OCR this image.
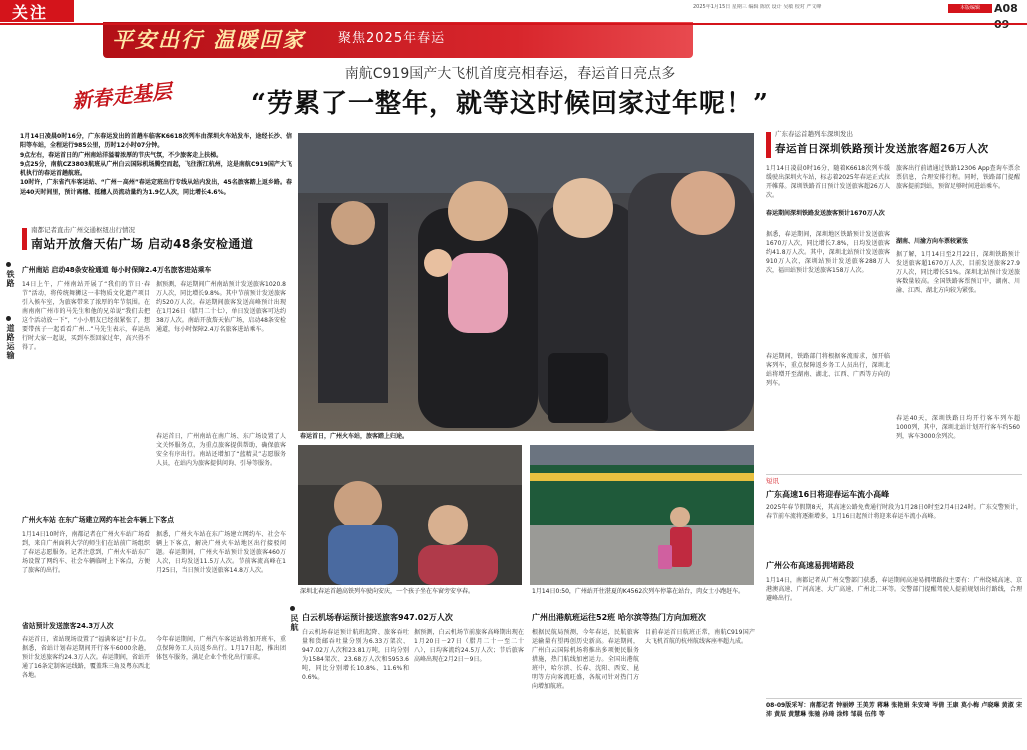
关注
平安出行 温暖回家	聚焦2025年春运
2025年1月15日 星期三 编辑 陈欣 设计 吴敏 校对 严文峰	本版编辑	A08
新春走基层
南航C919国产大飞机首度亮相春运，春运首日亮点多
“劳累了一整年，就等这时候回家过年呢！”
1月14日凌晨0时16分，广东春运发出的首趟车临客K6618次列车由深圳火车站发车，途经长沙、信阳等车站，全程运行985公里，历时12小时07分钟。
9点左右，春运首日的广州南站洋溢着浓厚的节庆气氛，不少旅客走上扶梯。
9点25分，南航CZ3803航班从广州白云国际机场腾空而起，飞往浙江杭州，这是南航C919国产大飞机执行的春运首趟航班。
10时许，广东省汽车客运站、“广州－高州”春运定班出行专线从站内发出，45名旅客踏上返乡路。春运40天时间里，预计离穗、抵穗人员流动量约为1.9亿人次，同比增长4.6%。
南都记者直击广州交通枢纽出行情况
南站开放詹天佑广场 启动48条安检通道
铁路
道路运输
广州南站 启动48条安检通道 每小时保障2.4万名旅客进站乘车
14日上午，广州南站开展了“我们的节日·春节”活动，将传统舞狮这一非物质文化遗产项目引入候车室，为旅客带来了浓厚的年节氛围。在南南南广州市的马先生和他的兄弟说“我们去把这个活动放一下”，“小小朋友已经很紧张了，想要带孩子一起看看广州...”马先生表示，春运出行时大家一起说，买到车票回家过年，高兴得不得了。
据预测，春运期间广州南站预计发送旅客1020.8万人次，同比增长9.8%。其中节前预计发送旅客约520万人次。春运期间旅客发送高峰预计出现在1月26日（腊月二十七），单日发送旅客可达约38万人次。南站开放詹天佑广场，启动48条安检通道，每小时保障2.4万名旅客进站乘车。
春运首日，广州南站在南广场、东广场设置了人文关怀服务点，为重点旅客提供帮助，确保旅客安全有序出行。南站还增加了“蓝精灵”志愿服务人员，在站内为旅客提供问询、引导等服务。
广州火车站 在东广场建立网约车社会车辆上下客点
1月14日10时许，南都记者在广州火车站广场看到，来自广州面料大学的师生们在站前广场组织了春运志愿服务。记者注意到，广州火车站东广场设置了网约车、社会车辆临时上下客点，方便了旅客的出行。
据悉，广州火车站在东广场建立网约车、社会车辆上下客点，解决广州火车站地区出行接驳问题。春运期间，广州火车站预计发送旅客460万人次，日均发送11.5万人次。节前客流高峰在1月25日，当日预计发送旅客14.8万人次。
省站预计发送旅客24.3万人次
春运首日，省站现场设置了“福满客运”打卡点。据悉，省站计划春运期间开行客车6000余趟，预计发送旅客约24.3万人次。春运期间，省站开通了16条定制客运线路，覆盖珠三角及粤东西北各地。
今年春运期间，广州汽车客运站将加开班车，重点保障务工人员返乡出行。1月17日起，推出团体包车服务，满足企业个性化出行需求。
春运首日，广州火车站，旅客踏上归途。
深圳北春运首趟高铁列车驶向安庆，一个孩子坐在车窗旁安享春。	1月14日0:50，广州站开往湛夏的K4562次列车停靠在站台，肉女士小跑赶车。
民航 白云机场春运预计接送旅客947.02万人次
白云机场春运预计航班起降、旅客吞吐量和货邮吞吐量分别为6.33万架次、947.02万人次和23.81万吨，日均分别为1584架次、23.68万人次和5953.6吨，同比分别增长10.8%、11.6%和0.6%。
据预测，白云机场节前旅客高峰期出现在1月20日－27日（腊月二十一至二十八），日均客流约24.5万人次；节后旅客高峰出现在2月2日－9日。
广州出港航班运往52班 哈尔滨等热门方向加班次
根据民航局预测，今年春运，民航旅客运输量有望再创历史新高。春运期间，广州白云国际机场将推出多项便民服务措施，热门航线加密运力。全国出港航班中，哈尔滨、长春、沈阳、西安、昆明等方向客流旺盛，各航司针对热门方向增加航班。
目前春运首日航班正常，南航C919国产大飞机首航的杭州航线客座率超九成。
广东春运首趟列车深圳发出
春运首日深圳铁路预计发送旅客超26万人次
1月14日凌晨0时16分，随着K6618次列车缓缓驶出深圳火车站，标志着2025年春运正式拉开帷幕。深圳铁路首日预计发送旅客超26万人次。
春运期间深圳铁路发送旅客预计1670万人次
据悉，春运期间，深圳地区铁路预计发送旅客1670万人次，同比增长7.8%，日均发送旅客约41.8万人次。其中，深圳北站预计发送旅客910万人次，深圳站预计发送旅客288万人次，福田站预计发送旅客158万人次。
春运期间，铁路部门将根据客流需求，加开临客列车，重点保障返乡务工人员出行，深圳北站将增开至湖南、湖北、江西、广西等方向的列车。
旅客出行前请通过铁路12306 App查询车票余票信息，合理安排行程。同时，铁路部门提醒旅客提前到站，预留足够时间进站乘车。
湖南、川渝方向车票较紧张
据了解，1月14日至2月22日，深圳铁路预计发送旅客超1670万人次，目前发送旅客27.9万人次，同比增长51%。深圳北站预计发送旅客数量较高。全国铁路客票预订中，湖南、川渝、江西、湖北方向较为紧张。
春运40天，深圳铁路日均开行客车列车超1000列，其中，深圳北站计划开行客车约560列，客车3000余列次。
短讯
广东高速16日将迎春运车流小高峰
2025年春节假期8天，其高速公路免费通行时段为1月28日0时至2月4日24时。广东交警预计，春节前车流将逐渐增多，1月16日起预计将迎来春运车流小高峰。
广州公布高速易拥堵路段
1月14日，南都记者从广州交警部门获悉，春运期间高速易拥堵路段主要有：广州绕城高速、京港澳高速、广河高速、大广高速、广州北二环等。交警部门提醒驾驶人提前规划出行路线，合理避峰出行。
08-09版采写：南都记者 钟丽婷 王美芳 蒋琳 张艳娟 朱安琦 岑倩 王康 莫小梅 卢晓琳 黄淑 宋沛 黄辰 黄慧琳 张驰 孙琦 涂炜 邹晨 伍伟 等
